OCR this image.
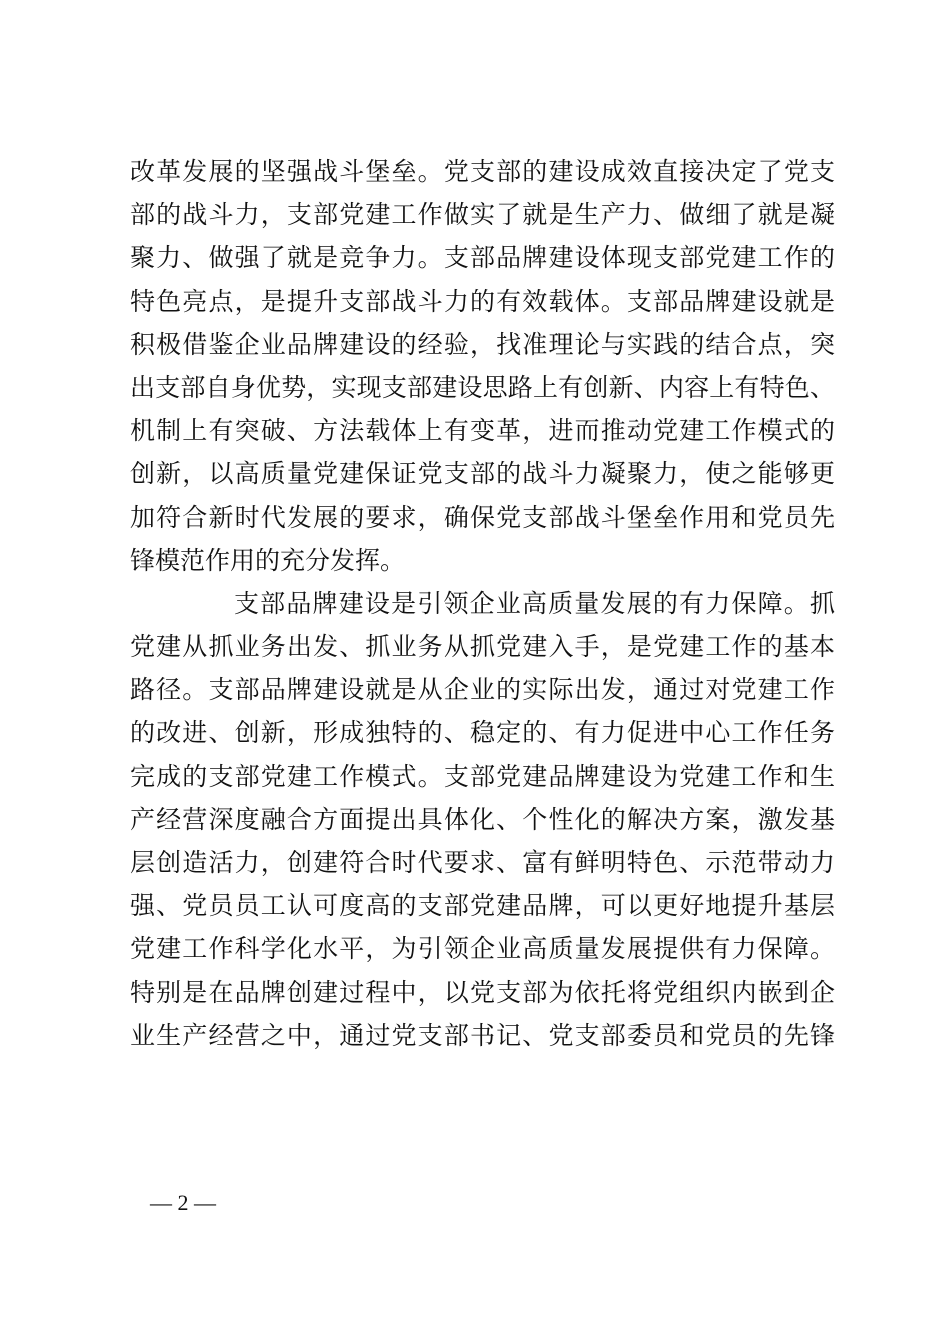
改革发展的坚强战斗堡垒。党支部的建设成效直接决定了党支
部的战斗力，支部党建工作做实了就是生产力、做细了就是凝
聚力、做强了就是竞争力。支部品牌建设体现支部党建工作的
特色亮点，是提升支部战斗力的有效载体。支部品牌建设就是
积极借鉴企业品牌建设的经验，找准理论与实践的结合点，突
出支部自身优势，实现支部建设思路上有创新、内容上有特色、
机制上有突破、方法载体上有变革，进而推动党建工作模式的
创新，以高质量党建保证党支部的战斗力凝聚力，使之能够更
加符合新时代发展的要求，确保党支部战斗堡垒作用和党员先
锋模范作用的充分发挥。
支部品牌建设是引领企业高质量发展的有力保障。抓
党建从抓业务出发、抓业务从抓党建入手，是党建工作的基本
路径。支部品牌建设就是从企业的实际出发，通过对党建工作
的改进、创新，形成独特的、稳定的、有力促进中心工作任务
完成的支部党建工作模式。支部党建品牌建设为党建工作和生
产经营深度融合方面提出具体化、个性化的解决方案，激发基
层创造活力，创建符合时代要求、富有鲜明特色、示范带动力
强、党员员工认可度高的支部党建品牌，可以更好地提升基层
党建工作科学化水平，为引领企业高质量发展提供有力保障。
特别是在品牌创建过程中，以党支部为依托将党组织内嵌到企
业生产经营之中，通过党支部书记、党支部委员和党员的先锋
— 2 —
